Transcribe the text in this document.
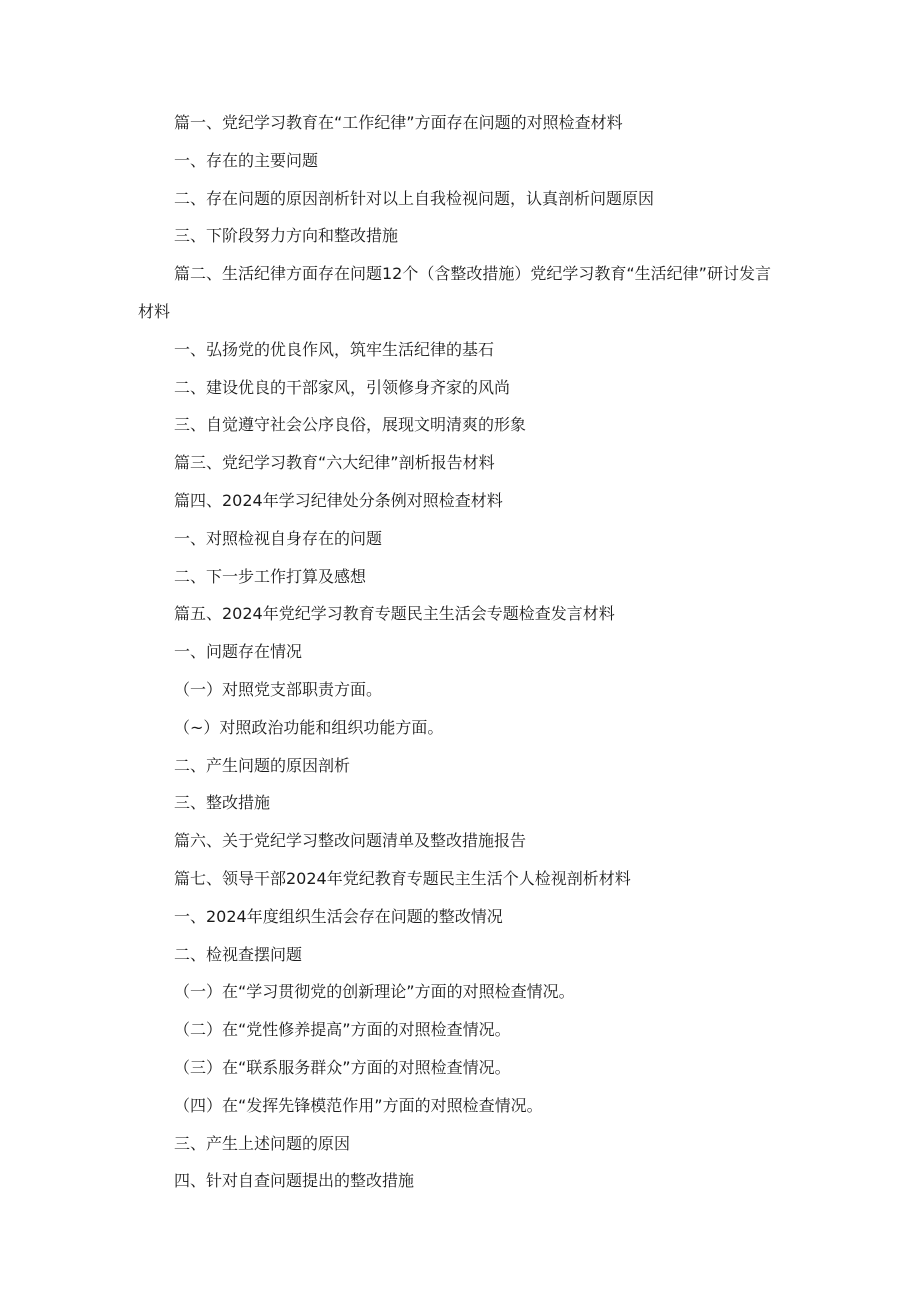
篇一、党纪学习教育在“工作纪律”方面存在问题的对照检查材料

一、存在的主要问题

二、存在问题的原因剖析针对以上自我检视问题，认真剖析问题原因

三、下阶段努力方向和整改措施

篇二、生活纪律方面存在问题12个（含整改措施）党纪学习教育“生活纪律”研讨发言材料

一、弘扬党的优良作风，筑牢生活纪律的基石

二、建设优良的干部家风，引领修身齐家的风尚

三、自觉遵守社会公序良俗，展现文明清爽的形象

篇三、党纪学习教育“六大纪律”剖析报告材料

篇四、2024年学习纪律处分条例对照检查材料

一、对照检视自身存在的问题

二、下一步工作打算及感想

篇五、2024年党纪学习教育专题民主生活会专题检查发言材料

一、问题存在情况

（一）对照党支部职责方面。

（~）对照政治功能和组织功能方面。

二、产生问题的原因剖析

三、整改措施

篇六、关于党纪学习整改问题清单及整改措施报告

篇七、领导干部2024年党纪教育专题民主生活个人检视剖析材料

一、2024年度组织生活会存在问题的整改情况

二、检视查摆问题

（一）在“学习贯彻党的创新理论”方面的对照检查情况。

（二）在“党性修养提高”方面的对照检查情况。

（三）在“联系服务群众”方面的对照检查情况。

（四）在“发挥先锋模范作用”方面的对照检查情况。

三、产生上述问题的原因

四、针对自查问题提出的整改措施
